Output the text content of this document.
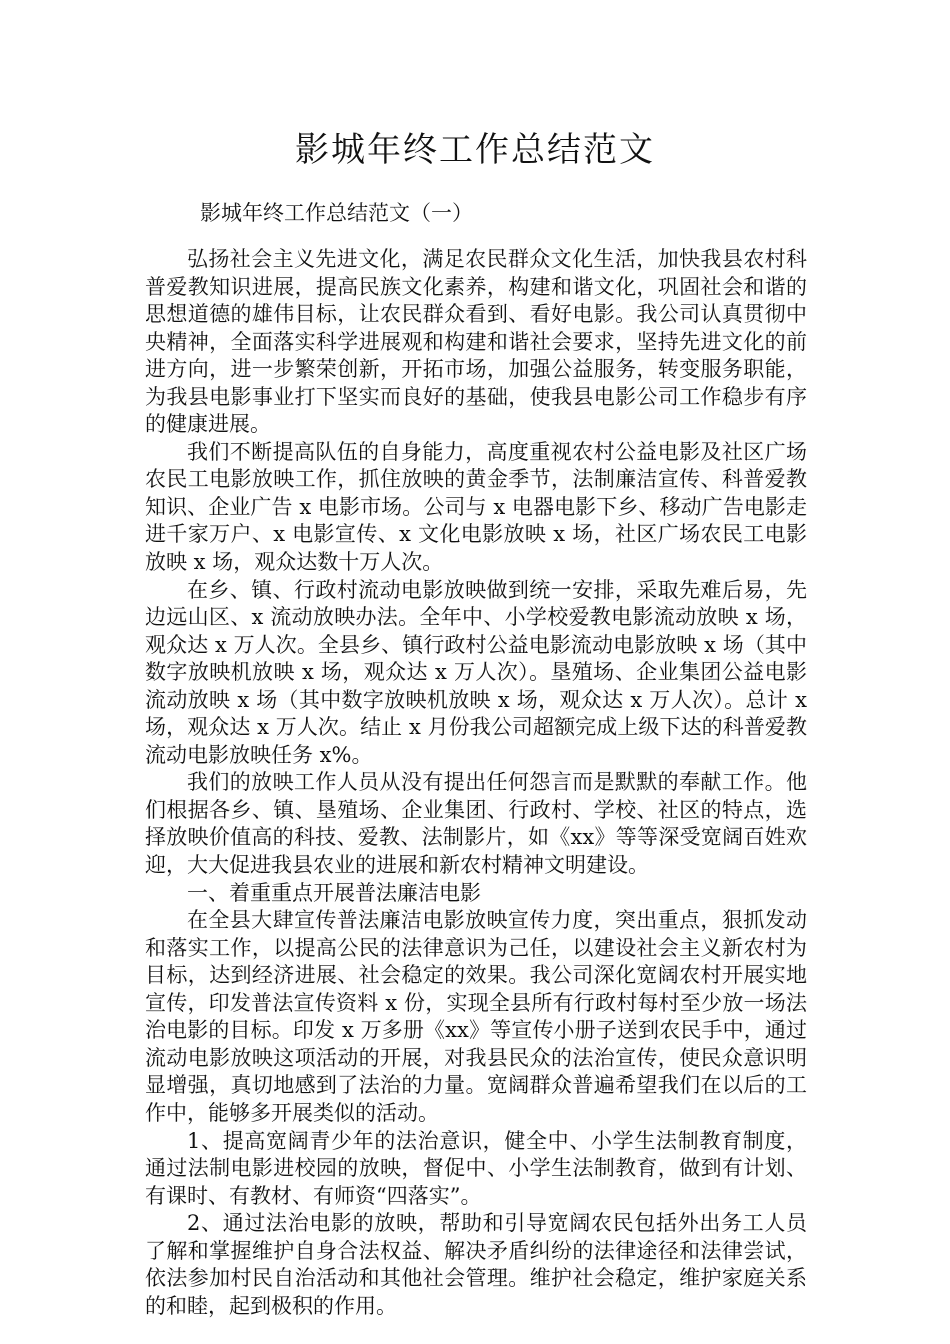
影城年终工作总结范文
影城年终工作总结范文（一）

弘扬社会主义先进文化，满足农民群众文化生活，加快我县农村科普爱教知识进展，提高民族文化素养，构建和谐文化，巩固社会和谐的思想道德的雄伟目标，让农民群众看到、看好电影。我公司认真贯彻中央精神，全面落实科学进展观和构建和谐社会要求，坚持先进文化的前进方向，进一步繁荣创新，开拓市场，加强公益服务，转变服务职能，为我县电影事业打下坚实而良好的基础，使我县电影公司工作稳步有序的健康进展。

我们不断提高队伍的自身能力，高度重视农村公益电影及社区广场农民工电影放映工作，抓住放映的黄金季节，法制廉洁宣传、科普爱教知识、企业广告 x 电影市场。公司与 x 电器电影下乡、移动广告电影走进千家万户、x 电影宣传、x 文化电影放映 x 场，社区广场农民工电影放映 x 场，观众达数十万人次。

在乡、镇、行政村流动电影放映做到统一安排，采取先难后易，先边远山区、x 流动放映办法。全年中、小学校爱教电影流动放映 x 场，观众达 x 万人次。全县乡、镇行政村公益电影流动电影放映 x 场（其中数字放映机放映 x 场，观众达 x 万人次）。垦殖场、企业集团公益电影流动放映 x 场（其中数字放映机放映 x 场，观众达 x 万人次）。总计 x 场，观众达 x 万人次。结止 x 月份我公司超额完成上级下达的科普爱教流动电影放映任务 x%。

我们的放映工作人员从没有提出任何怨言而是默默的奉献工作。他们根据各乡、镇、垦殖场、企业集团、行政村、学校、社区的特点，选择放映价值高的科技、爱教、法制影片，如《xx》等等深受宽阔百姓欢迎，大大促进我县农业的进展和新农村精神文明建设。

一、着重重点开展普法廉洁电影

在全县大肆宣传普法廉洁电影放映宣传力度，突出重点，狠抓发动和落实工作，以提高公民的法律意识为己任，以建设社会主义新农村为目标，达到经济进展、社会稳定的效果。我公司深化宽阔农村开展实地宣传，印发普法宣传资料 x 份，实现全县所有行政村每村至少放一场法治电影的目标。印发 x 万多册《xx》等宣传小册子送到农民手中，通过流动电影放映这项活动的开展，对我县民众的法治宣传，使民众意识明显增强，真切地感到了法治的力量。宽阔群众普遍希望我们在以后的工作中，能够多开展类似的活动。

1、提高宽阔青少年的法治意识，健全中、小学生法制教育制度，通过法制电影进校园的放映，督促中、小学生法制教育，做到有计划、有课时、有教材、有师资“四落实”。

2、通过法治电影的放映，帮助和引导宽阔农民包括外出务工人员了解和掌握维护自身合法权益、解决矛盾纠纷的法律途径和法律尝试，依法参加村民自治活动和其他社会管理。维护社会稳定，维护家庭关系的和睦，起到极积的作用。
